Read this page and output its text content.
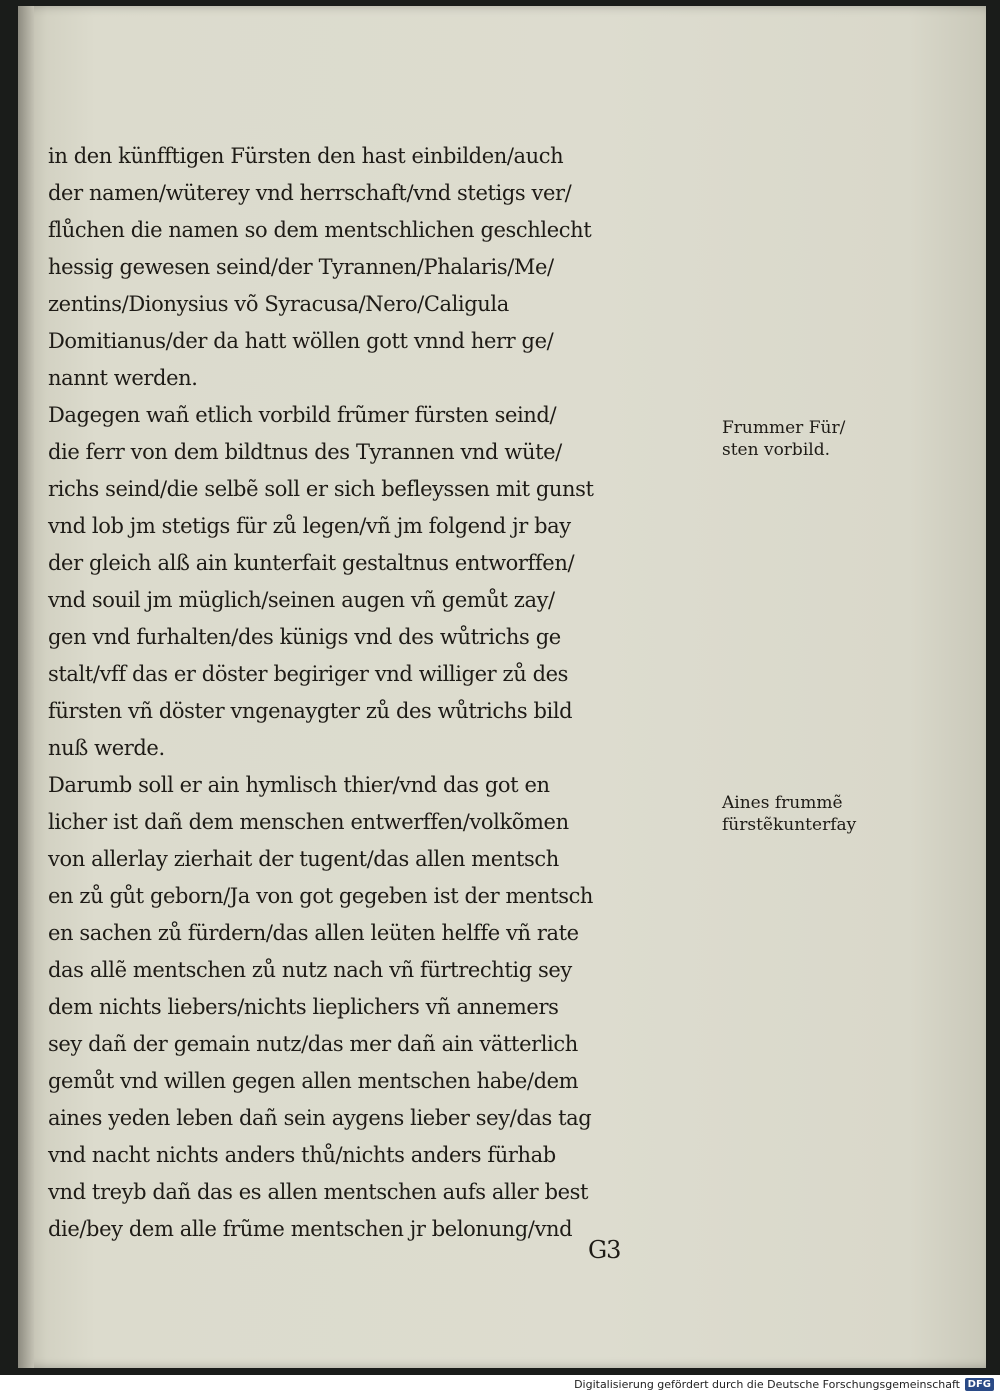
in den künfftigen Fürsten den hast einbilden/auch
der namen/wüterey vnd herrschaft/vnd stetigs ver/
flůchen die namen so dem mentschlichen geschlecht
hessig gewesen seind/der Tyrannen/Phalaris/Me/
zentins/Dionysius võ Syracusa/Nero/Caligula
Domitianus/der da hatt wöllen gott vnnd herr ge/
nannt werden.
Dagegen wañ etlich vorbild frũmer fürsten seind/
die ferr von dem bildtnus des Tyrannen vnd wüte/
richs seind/die selbẽ soll er sich befleyssen mit gunst
vnd lob jm stetigs für zů legen/vñ jm folgend jr bay
der gleich alß ain kunterfait gestaltnus entworffen/
vnd souil jm müglich/seinen augen vñ gemůt zay/
gen vnd furhalten/des künigs vnd des wůtrichs ge
stalt/vff das er döster begiriger vnd williger zů des
fürsten vñ döster vngenaygter zů des wůtrichs bild
nuß werde.
Darumb soll er ain hymlisch thier/vnd das got en
licher ist dañ dem menschen entwerffen/volkõmen
von allerlay zierhait der tugent/das allen mentsch
en zů gůt geborn/Ja von got gegeben ist der mentsch
en sachen zů fürdern/das allen leüten helffe vñ rate
das allẽ mentschen zů nutz nach vñ fürtrechtig sey
dem nichts liebers/nichts lieplichers vñ annemers
sey dañ der gemain nutz/das mer dañ ain vätterlich
gemůt vnd willen gegen allen mentschen habe/dem
aines yeden leben dañ sein aygens lieber sey/das tag
vnd nacht nichts anders thů/nichts anders fürhab
vnd treyb dañ das es allen mentschen aufs aller best
die/bey dem alle frũme mentschen jr belonung/vnd
Frummer Für/
sten vorbild.
Aines frummẽ
fürstẽkunterfay
G3
Digitalisierung gefördert durch die Deutsche Forschungsgemeinschaft DFG
